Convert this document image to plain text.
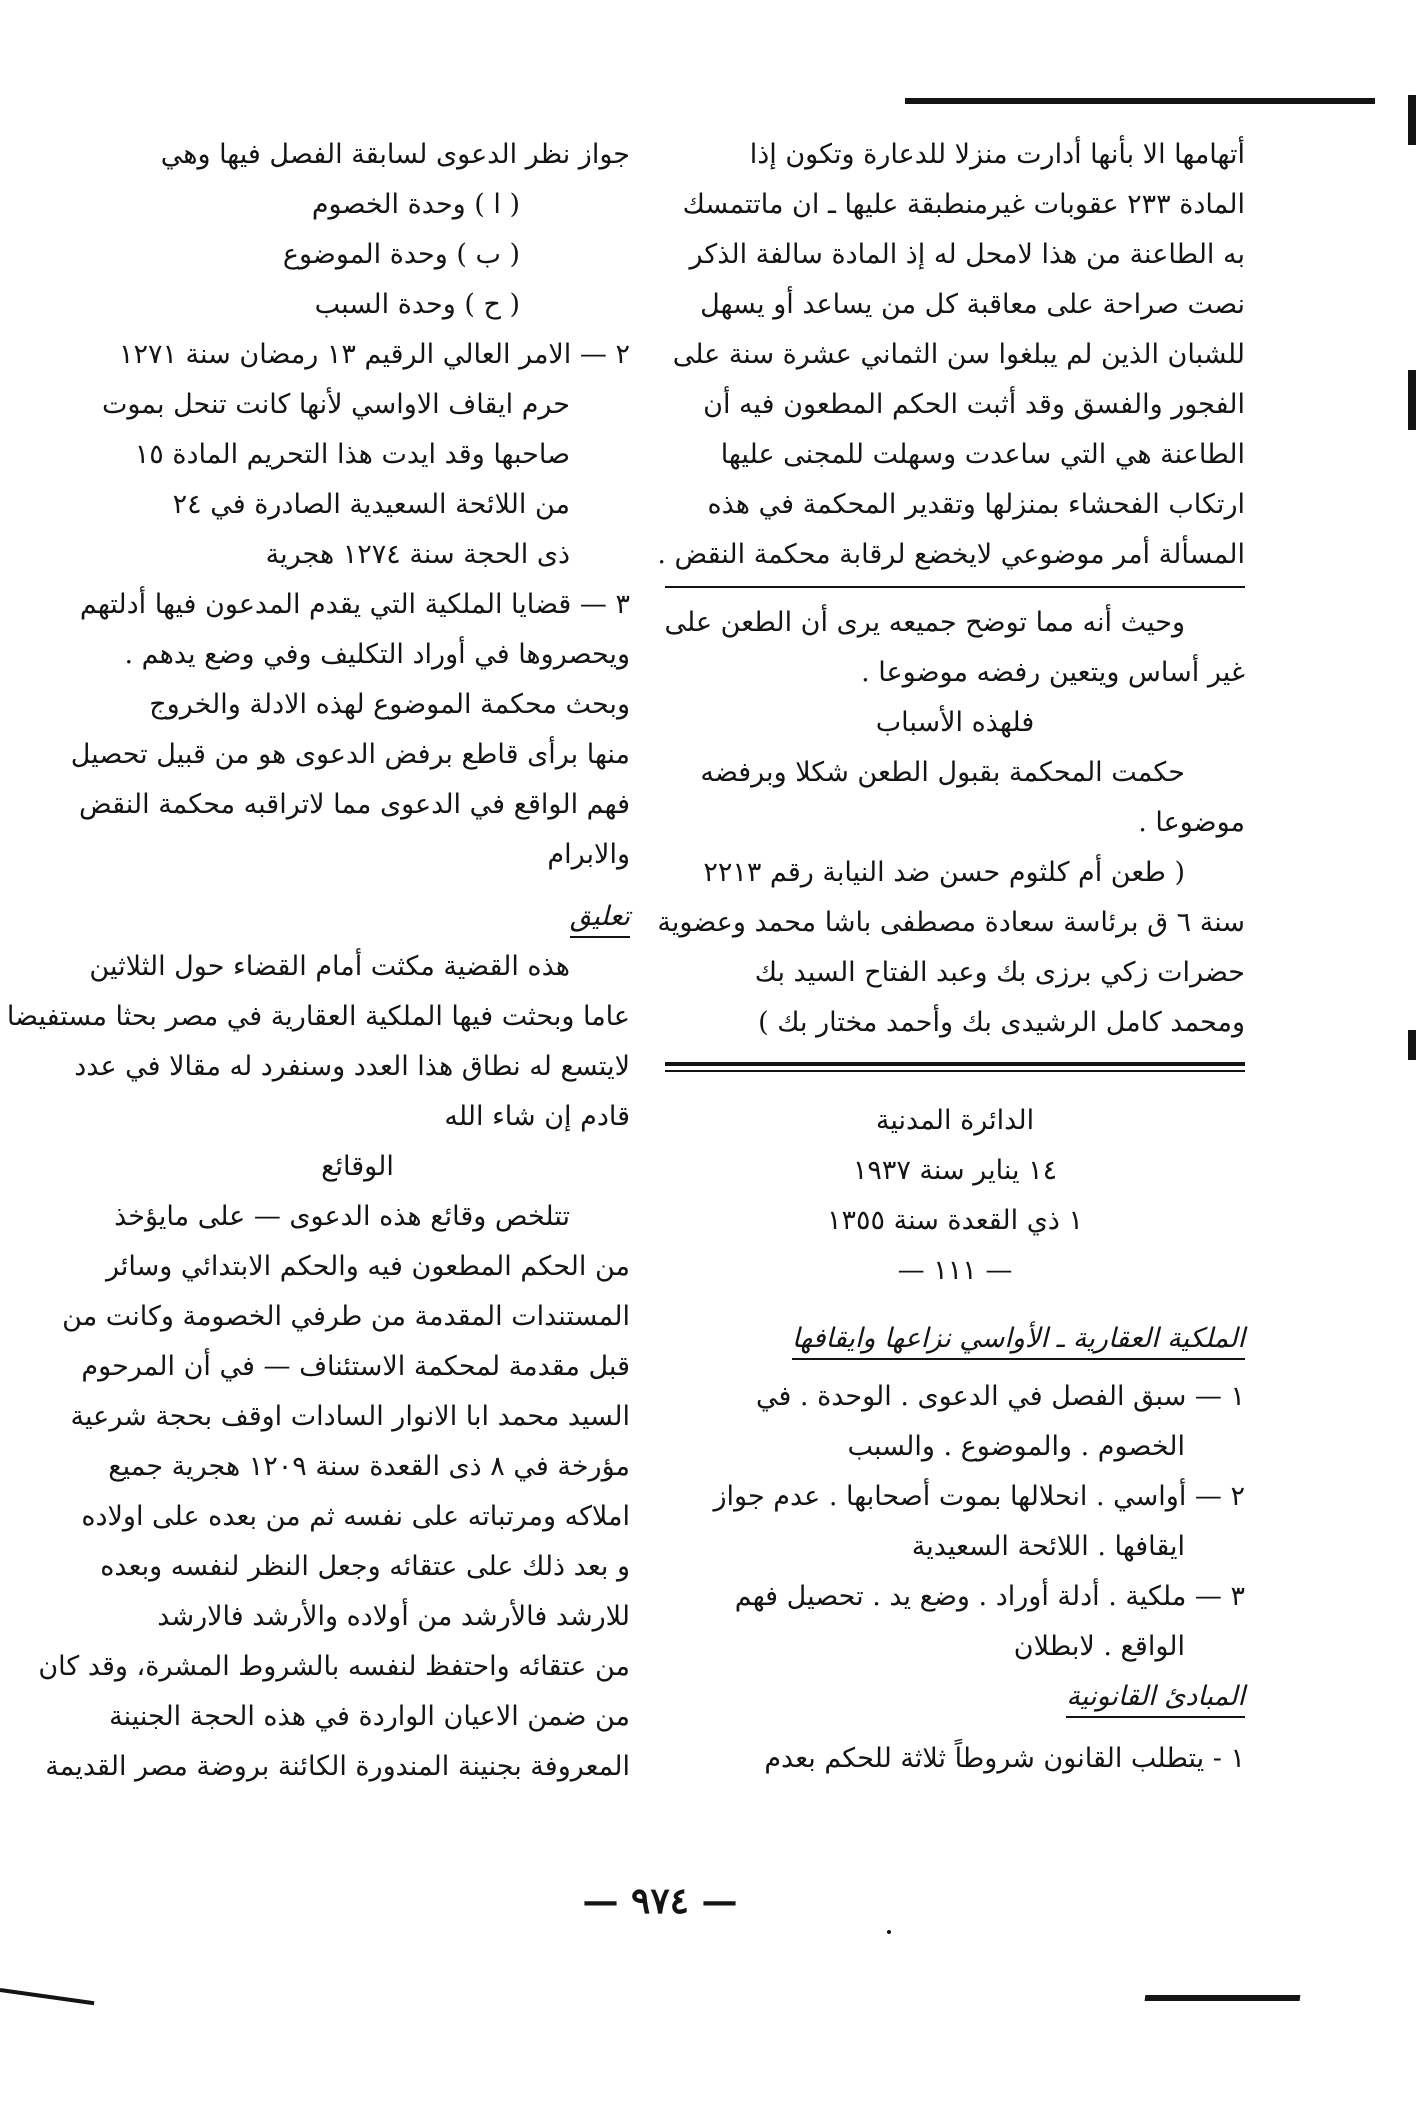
أتهامها الا بأنها أدارت منزلا للدعارة وتكون إذا
المادة ٢٣٣ عقوبات غيرمنطبقة عليها ـ ان ماتتمسك
به الطاعنة من هذا لامحل له إذ المادة سالفة الذكر
نصت صراحة على معاقبة كل من يساعد أو يسهل
للشبان الذين لم يبلغوا سن الثماني عشرة سنة على
الفجور والفسق وقد أثبت الحكم المطعون فيه أن
الطاعنة هي التي ساعدت وسهلت للمجنى عليها
ارتكاب الفحشاء بمنزلها وتقدير المحكمة في هذه
المسألة أمر موضوعي لايخضع لرقابة محكمة النقض .
وحيث أنه مما توضح جميعه يرى أن الطعن على
غير أساس ويتعين رفضه موضوعا .
فلهذه الأسباب
حكمت المحكمة بقبول الطعن شكلا وبرفضه
موضوعا .
( طعن أم كلثوم حسن ضد النيابة رقم ٢٢١٣
سنة ٦ ق برئاسة سعادة مصطفى باشا محمد وعضوية
حضرات زكي برزى بك وعبد الفتاح السيد بك
ومحمد كامل الرشيدى بك وأحمد مختار بك )
الدائرة المدنية
١٤ يناير سنة ١٩٣٧
١ ذي القعدة سنة ١٣٥٥
— ١١١ —
الملكية العقارية ـ الأواسي نزاعها وايقافها
١ — سبق الفصل في الدعوى . الوحدة . في
الخصوم . والموضوع . والسبب
٢ — أواسي . انحلالها بموت أصحابها . عدم جواز
ايقافها . اللائحة السعيدية
٣ — ملكية . أدلة أوراد . وضع يد . تحصيل فهم
الواقع . لابطلان
المبادئ القانونية
١ - يتطلب القانون شروطاً ثلاثة للحكم بعدم
جواز نظر الدعوى لسابقة الفصل فيها وهي
( ا ) وحدة الخصوم
( ب ) وحدة الموضوع
( ح ) وحدة السبب
٢ — الامر العالي الرقيم ١٣ رمضان سنة ١٢٧١
حرم ايقاف الاواسي لأنها كانت تنحل بموت
صاحبها وقد ايدت هذا التحريم المادة ١٥
من اللائحة السعيدية الصادرة في ٢٤
ذى الحجة سنة ١٢٧٤ هجرية
٣ — قضايا الملكية التي يقدم المدعون فيها أدلتهم
ويحصروها في أوراد التكليف وفي وضع يدهم .
وبحث محكمة الموضوع لهذه الادلة والخروج
منها برأى قاطع برفض الدعوى هو من قبيل تحصيل
فهم الواقع في الدعوى مما لاتراقبه محكمة النقض
والابرام
تعليق
هذه القضية مكثت أمام القضاء حول الثلاثين
عاما وبحثت فيها الملكية العقارية في مصر بحثا مستفيضا
لايتسع له نطاق هذا العدد وسنفرد له مقالا في عدد
قادم إن شاء الله
الوقائع
تتلخص وقائع هذه الدعوى — على مايؤخذ
من الحكم المطعون فيه والحكم الابتدائي وسائر
المستندات المقدمة من طرفي الخصومة وكانت من
قبل مقدمة لمحكمة الاستئناف — في أن المرحوم
السيد محمد ابا الانوار السادات اوقف بحجة شرعية
مؤرخة في ٨ ذى القعدة سنة ١٢٠٩ هجرية جميع
املاكه ومرتباته على نفسه ثم من بعده على اولاده
و بعد ذلك على عتقائه وجعل النظر لنفسه وبعده
للارشد فالأرشد من أولاده والأرشد فالارشد
من عتقائه واحتفظ لنفسه بالشروط المشرة، وقد كان
من ضمن الاعيان الواردة في هذه الحجة الجنينة
المعروفة بجنينة المندورة الكائنة بروضة مصر القديمة
— ٩٧٤ —
